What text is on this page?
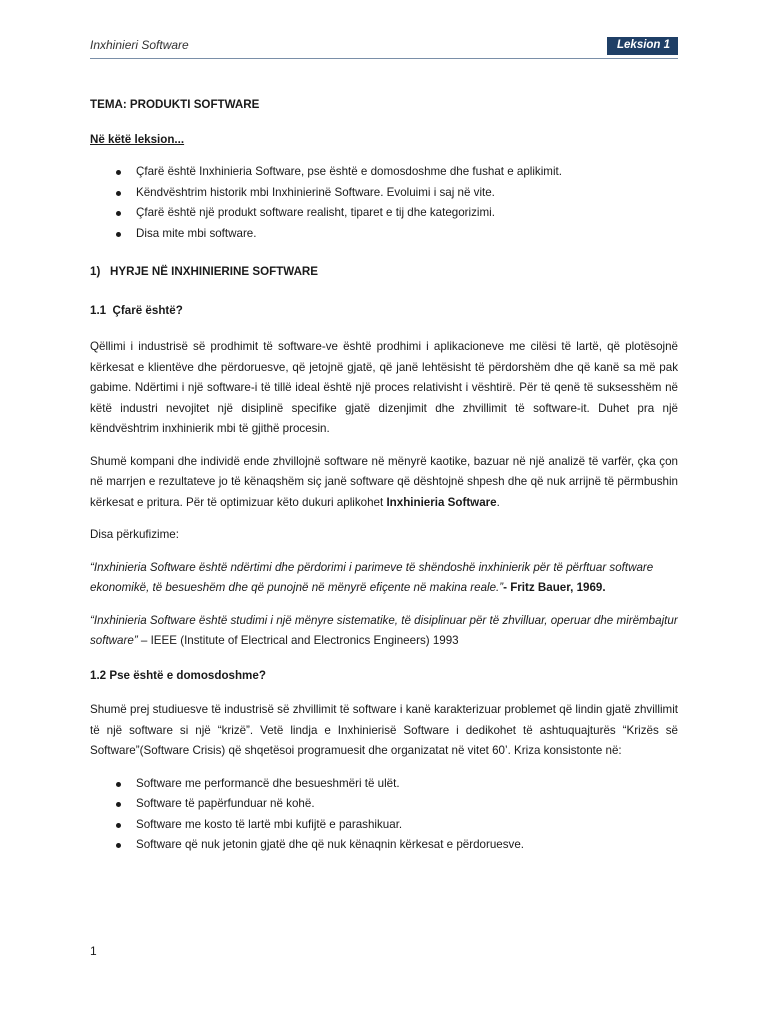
Inxhinieri Software	Leksion 1

TEMA: PRODUKTI SOFTWARE

Në këtë leksion...

Çfarë është Inxhinieria Software, pse është e domosdoshme dhe fushat e aplikimit.
Këndvështrim historik mbi Inxhinierinë Software. Evoluimi i saj në vite.
Çfarë është një produkt software realisht, tiparet e tij dhe kategorizimi.
Disa mite mbi software.

1)   HYRJE NË INXHINIERINE SOFTWARE

1.1  Çfarë është?

Qëllimi i industrisë së prodhimit të software-ve është prodhimi i aplikacioneve me cilësi të lartë, që plotësojnë kërkesat e klientëve dhe përdoruesve, që jetojnë gjatë, që janë lehtësisht të përdorshëm dhe që kanë sa më pak gabime. Ndërtimi i një software-i të tillë ideal është një proces relativisht i vështirë. Për të qenë të suksesshëm në këtë industri nevojitet një disiplinë specifike gjatë dizenjimit dhe zhvillimit të software-it. Duhet pra një këndvështrim inxhinierik mbi të gjithë procesin.

Shumë kompani dhe individë ende zhvillojnë software në mënyrë kaotike, bazuar në një analizë të varfër, çka çon në marrjen e rezultateve jo të kënaqshëm siç janë software që dështojnë shpesh dhe që nuk arrijnë të përmbushin kërkesat e pritura. Për të optimizuar këto dukuri aplikohet Inxhinieria Software.

Disa përkufizime:

“Inxhinieria Software është ndërtimi dhe përdorimi i parimeve të shëndoshë inxhinierik për të përftuar software ekonomikë, të besueshëm dhe që punojnë në mënyrë efiçente në makina reale.”- Fritz Bauer, 1969.

“Inxhinieria Software është studimi i një mënyre sistematike, të disiplinuar për të zhvilluar, operuar dhe mirëmbajtur software” – IEEE (Institute of Electrical and Electronics Engineers) 1993

1.2 Pse është e domosdoshme?

Shumë prej studiuesve të industrisë së zhvillimit të software i kanë karakterizuar problemet që lindin gjatë zhvillimit të një software si një “krizë”. Vetë lindja e Inxhinierisë Software i dedikohet të ashtuquajturës “Krizës së Software”(Software Crisis) që shqetësoi programuesit dhe organizatat në vitet 60’. Kriza konsistonte në:

Software me performancë dhe besueshmëri të ulët.
Software të papërfunduar në kohë.
Software me kosto të lartë mbi kufijtë e parashikuar.
Software që nuk jetonin gjatë dhe që nuk kënaqnin kërkesat e përdoruesve.
1
